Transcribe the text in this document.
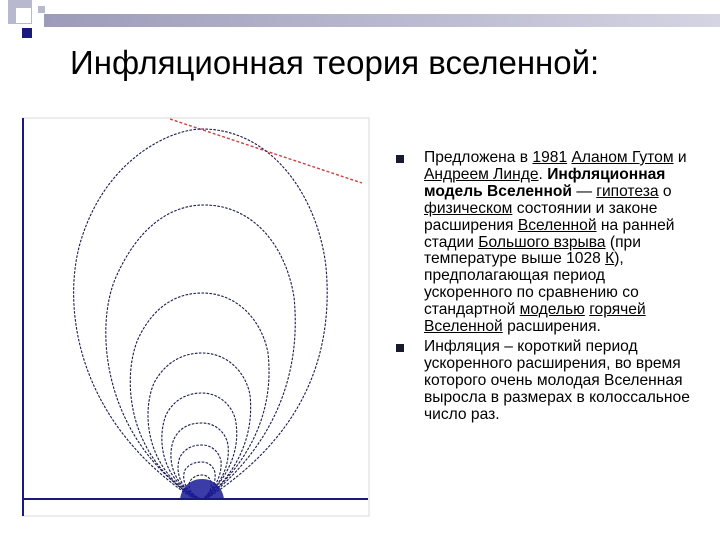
Инфляционная теория вселенной:

Предложена в 1981 Аланом Гутом и Андреем Линде. Инфляционная модель Вселенной — гипотеза о физическом состоянии и законе расширения Вселенной на ранней стадии Большого взрыва (при температуре выше 1028 К), предполагающая период ускоренного по сравнению со стандартной моделью горячей Вселенной расширения.

Инфляция – короткий период ускоренного расширения, во время которого очень молодая Вселенная выросла в размерах в колоссальное число раз.
